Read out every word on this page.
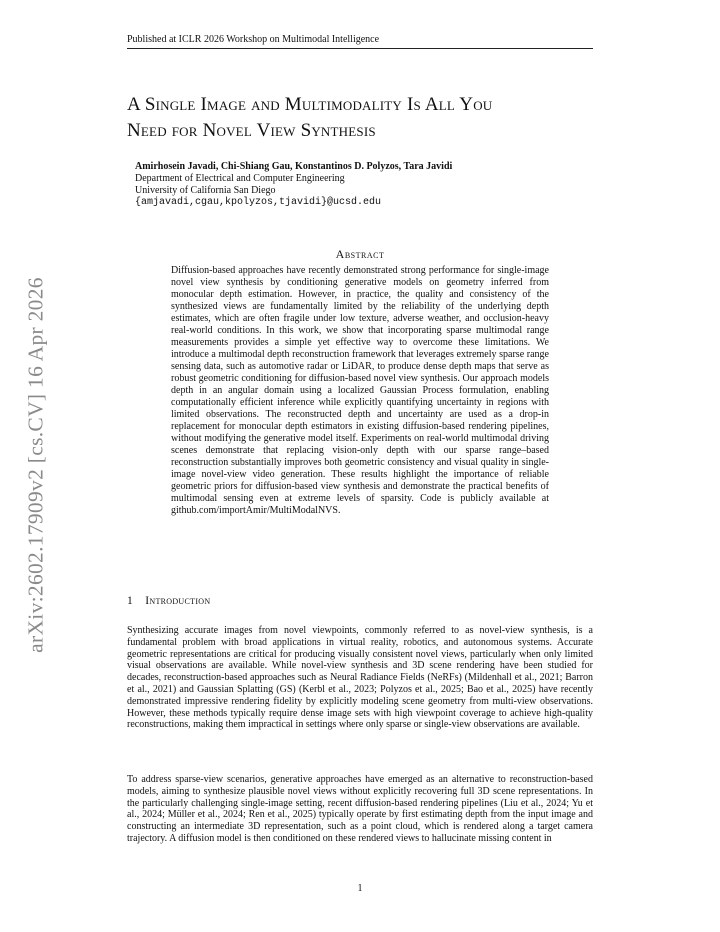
Published at ICLR 2026 Workshop on Multimodal Intelligence
A Single Image and Multimodality Is All You
Need for Novel View Synthesis
Amirhosein Javadi, Chi-Shiang Gau, Konstantinos D. Polyzos, Tara Javidi
Department of Electrical and Computer Engineering
University of California San Diego
{amjavadi,cgau,kpolyzos,tjavidi}@ucsd.edu
Abstract
Diffusion-based approaches have recently demonstrated strong performance for single-image novel view synthesis by conditioning generative models on geometry inferred from monocular depth estimation. However, in practice, the quality and consistency of the synthesized views are fundamentally limited by the reliability of the underlying depth estimates, which are often fragile under low texture, adverse weather, and occlusion-heavy real-world conditions. In this work, we show that incorporating sparse multimodal range measurements provides a simple yet effective way to overcome these limitations. We introduce a multimodal depth reconstruction framework that leverages extremely sparse range sensing data, such as automotive radar or LiDAR, to produce dense depth maps that serve as robust geometric conditioning for diffusion-based novel view synthesis. Our approach models depth in an angular domain using a localized Gaussian Process formulation, enabling computationally efficient inference while explicitly quantifying uncertainty in regions with limited observations. The reconstructed depth and uncertainty are used as a drop-in replacement for monocular depth estimators in existing diffusion-based rendering pipelines, without modifying the generative model itself. Experiments on real-world multimodal driving scenes demonstrate that replacing vision-only depth with our sparse range–based reconstruction substantially improves both geometric consistency and visual quality in single-image novel-view video generation. These results highlight the importance of reliable geometric priors for diffusion-based view synthesis and demonstrate the practical benefits of multimodal sensing even at extreme levels of sparsity. Code is publicly available at github.com/importAmir/MultiModalNVS.
1 Introduction
Synthesizing accurate images from novel viewpoints, commonly referred to as novel-view synthesis, is a fundamental problem with broad applications in virtual reality, robotics, and autonomous systems. Accurate geometric representations are critical for producing visually consistent novel views, particularly when only limited visual observations are available. While novel-view synthesis and 3D scene rendering have been studied for decades, reconstruction-based approaches such as Neural Radiance Fields (NeRFs) (Mildenhall et al., 2021; Barron et al., 2021) and Gaussian Splatting (GS) (Kerbl et al., 2023; Polyzos et al., 2025; Bao et al., 2025) have recently demonstrated impressive rendering fidelity by explicitly modeling scene geometry from multi-view observations. However, these methods typically require dense image sets with high viewpoint coverage to achieve high-quality reconstructions, making them impractical in settings where only sparse or single-view observations are available.
To address sparse-view scenarios, generative approaches have emerged as an alternative to reconstruction-based models, aiming to synthesize plausible novel views without explicitly recovering full 3D scene representations. In the particularly challenging single-image setting, recent diffusion-based rendering pipelines (Liu et al., 2024; Yu et al., 2024; Müller et al., 2024; Ren et al., 2025) typically operate by first estimating depth from the input image and constructing an intermediate 3D representation, such as a point cloud, which is rendered along a target camera trajectory. A diffusion model is then conditioned on these rendered views to hallucinate missing content in
1
arXiv:2602.17909v2 [cs.CV] 16 Apr 2026
